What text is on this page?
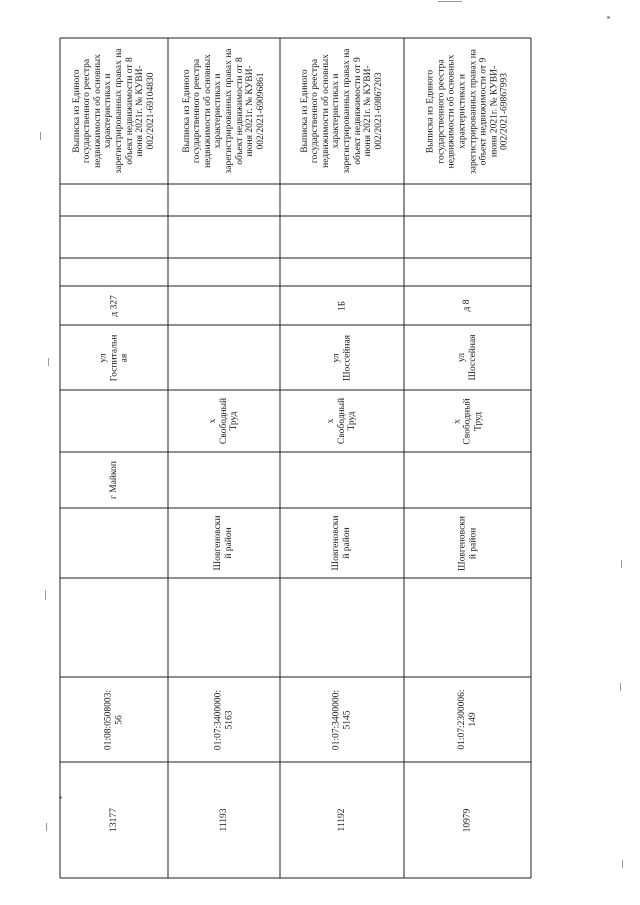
Выписка из Единого
государственного реестра
недвижимости об основных
характеристиках и
зарегистрированных правах на
объект недвижимости от 8
июня 2021г. № КУВИ-
002/2021-69104830
д 327
ул
Госпитальн
ая
г Майкоп
01:08:0508003:
56
13177
Выписка из Единого
государственного реестра
недвижимости об основных
характеристиках и
зарегистрированных правах на
объект недвижимости от 8
июня 2021г. № КУВИ-
002/2021-69096861
х
Свободный
Труд
Шовгеновски
й район
01:07:3400000:
5163
11193
Выписка из Единого
государственного реестра
недвижимости об основных
характеристиках и
зарегистрированных правах на
объект недвижимости от 9
июня 2021г. № КУВИ-
002/2021-69867203
1Б
ул
Шоссейная
х
Свободный
Труд
Шовгеновски
й район
01:07:3400000:
5145
11192
Выписка из Единого
государственного реестра
недвижимости об основных
характеристиках и
зарегистрированных правах на
объект недвижимости от 9
июня 2021г. № КУВИ-
002/2021-69867993
д 8
ул
Шоссейная
х
Свободный
Труд
Шовгеновски
й район
01:07:2300006:
149
10979
